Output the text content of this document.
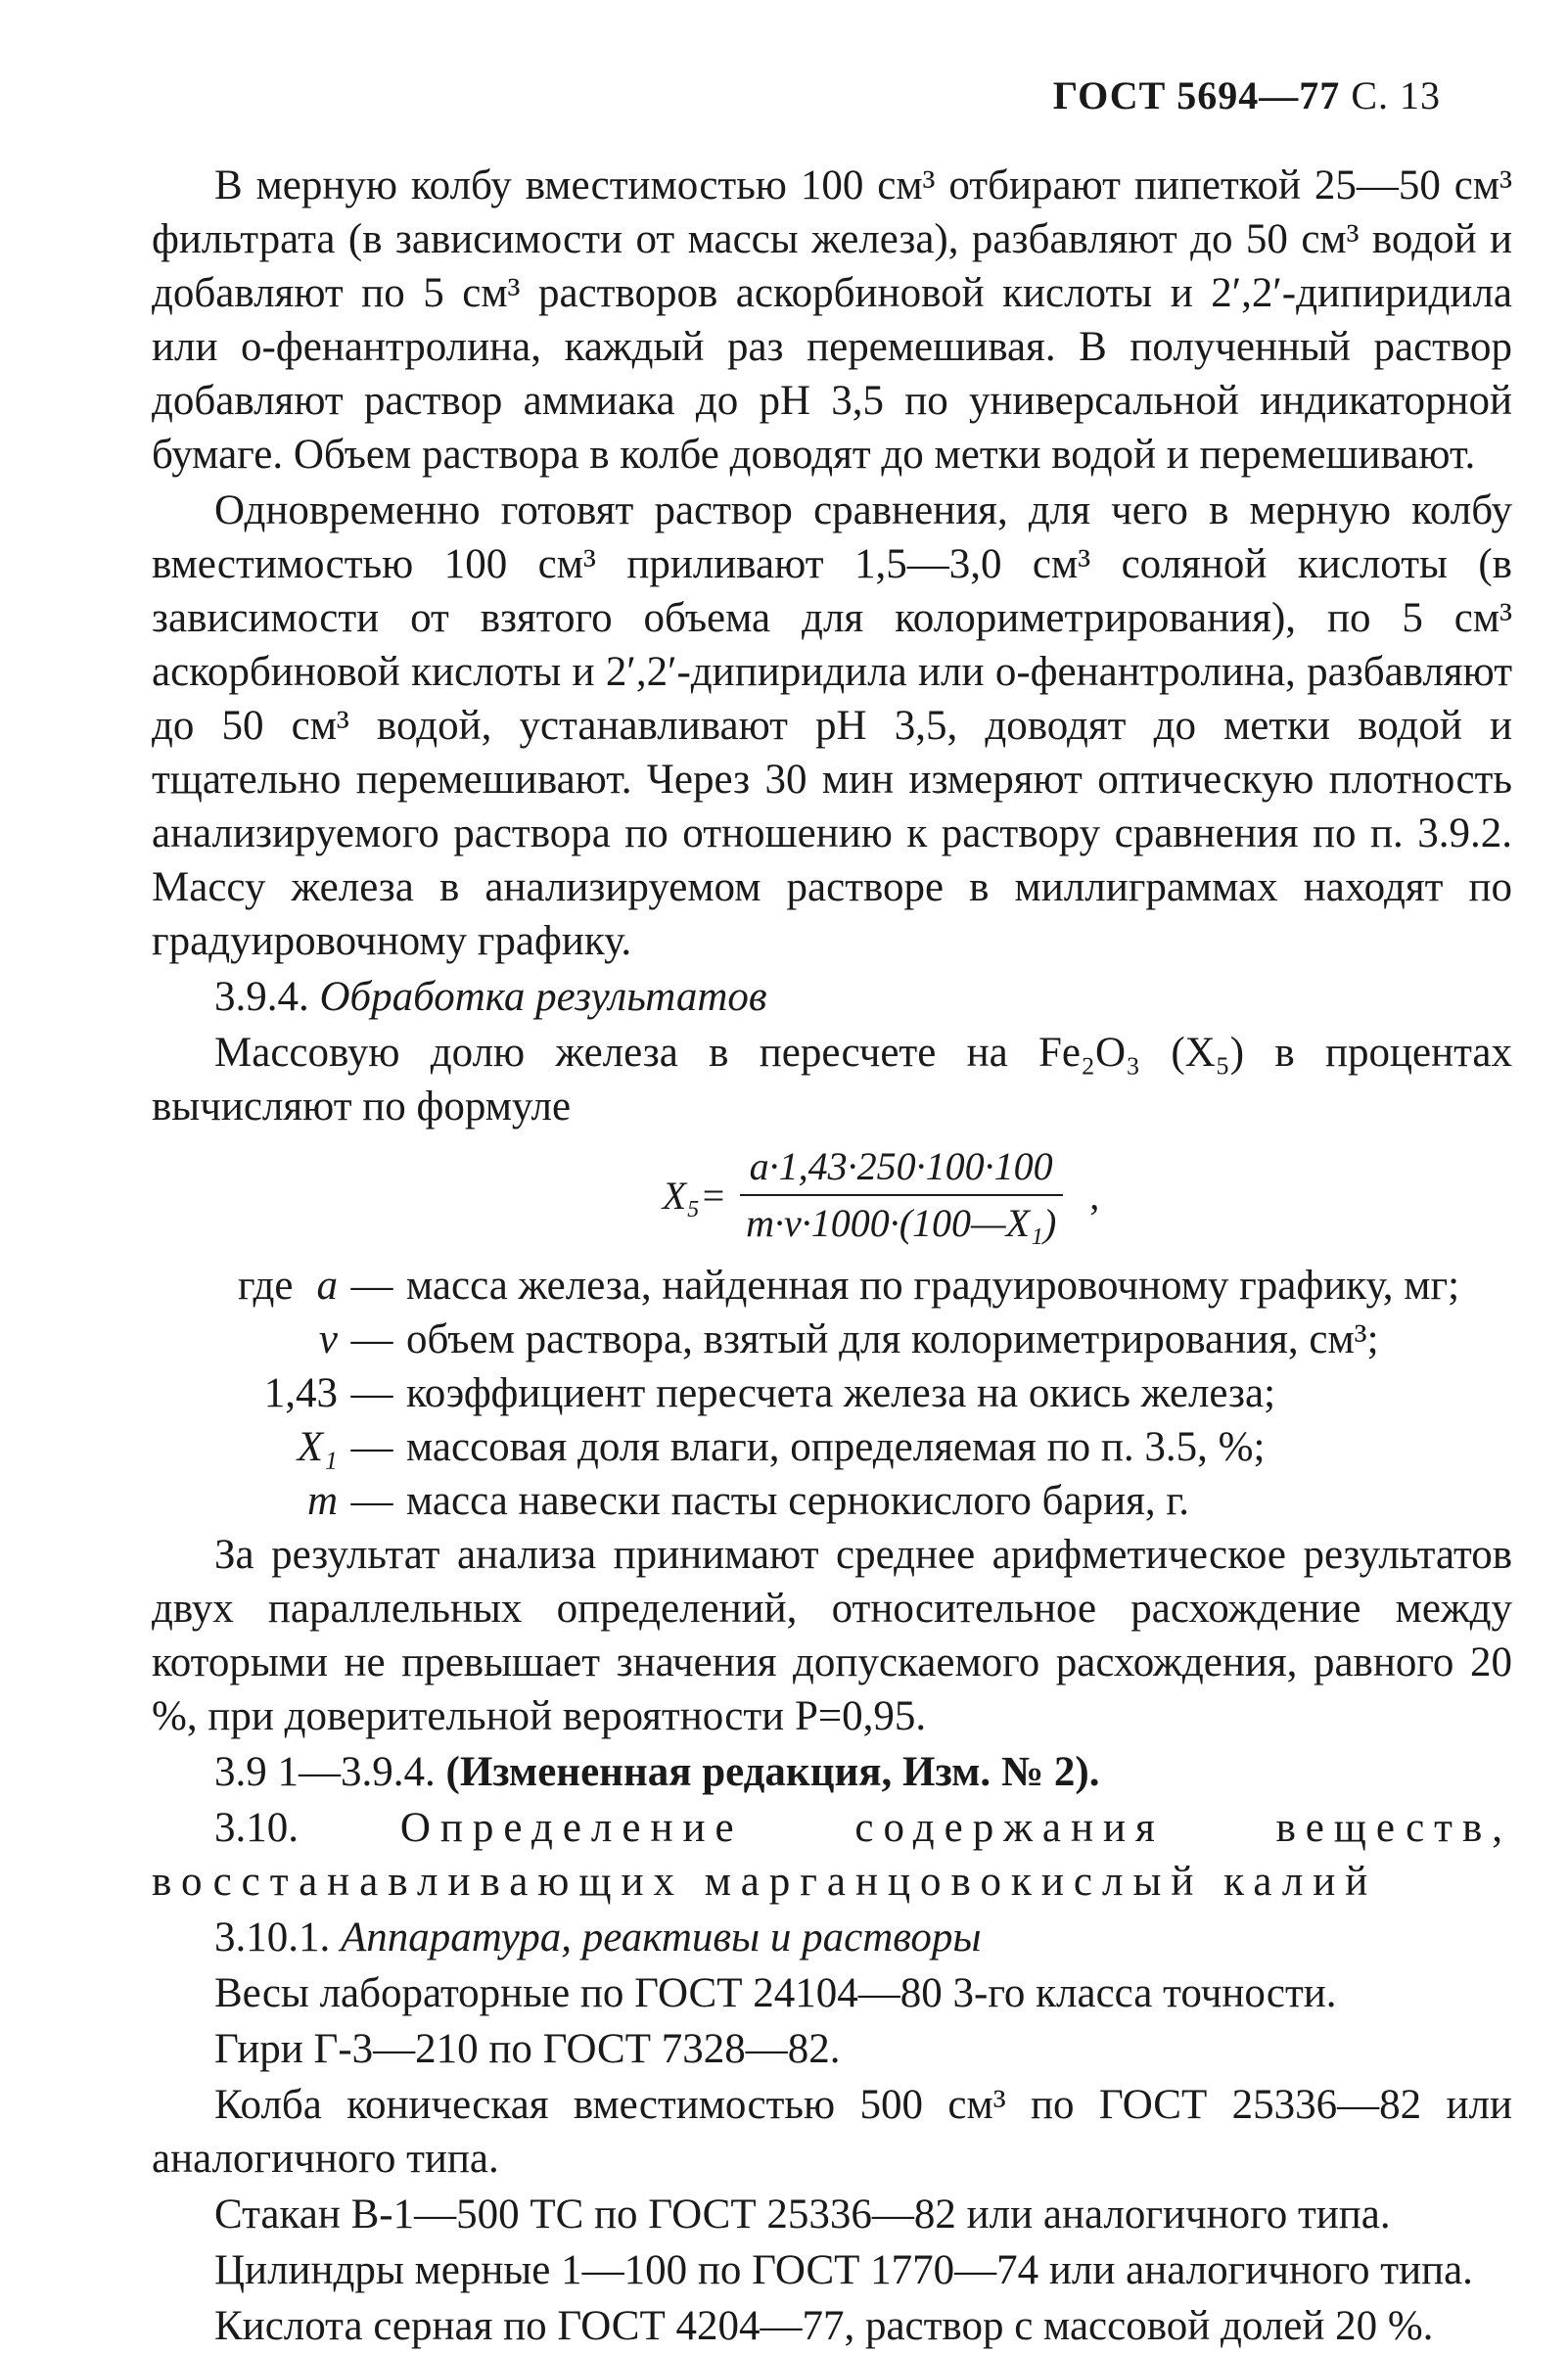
ГОСТ 5694—77 С. 13

В мерную колбу вместимостью 100 см³ отбирают пипеткой 25—50 см³ фильтрата (в зависимости от массы железа), разбавляют до 50 см³ водой и добавляют по 5 см³ растворов аскорбиновой кислоты и 2′,2′-дипиридила или о-фенантролина, каждый раз перемешивая. В полученный раствор добавляют раствор аммиака до рН 3,5 по универсальной индикаторной бумаге. Объем раствора в колбе доводят до метки водой и перемешивают.

Одновременно готовят раствор сравнения, для чего в мерную колбу вместимостью 100 см³ приливают 1,5—3,0 см³ соляной кислоты (в зависимости от взятого объема для колориметрирования), по 5 см³ аскорбиновой кислоты и 2′,2′-дипиридила или о-фенантролина, разбавляют до 50 см³ водой, устанавливают рН 3,5, доводят до метки водой и тщательно перемешивают. Через 30 мин измеряют оптическую плотность анализируемого раствора по отношению к раствору сравнения по п. 3.9.2. Массу железа в анализируемом растворе в миллиграммах находят по градуировочному графику.

3.9.4. Обработка результатов

Массовую долю железа в пересчете на Fe₂O₃ (X₅) в процентах вычисляют по формуле

$X_5= \frac{a\cdot 1,43\cdot 250\cdot 100\cdot 100}{\text{m·v·1000·(100—X₁)}}$ ,
где a	—	масса железа, найденная по градуировочному графику, мг;
v	—	объем раствора, взятый для колориметрирования, см³;
1,43	—	коэффициент пересчета железа на окись железа;
X₁	—	массовая доля влаги, определяемая по п. 3.5, %;
m	—	масса навески пасты сернокислого бария, г.

За результат анализа принимают среднее арифметическое результатов двух параллельных определений, относительное расхождение между которыми не превышает значения допускаемого расхождения, равного 20 %, при доверительной вероятности P=0,95.

3.9 1—3.9.4. (Измененная редакция, Изм. № 2).

3.10. Определение содержания веществ, восстанавливающих марганцовокислый калий

3.10.1. Аппаратура, реактивы и растворы

Весы лабораторные по ГОСТ 24104—80 3-го класса точности.

Гири Г-3—210 по ГОСТ 7328—82.

Колба коническая вместимостью 500 см³ по ГОСТ 25336—82 или аналогичного типа.

Стакан В-1—500 ТС по ГОСТ 25336—82 или аналогичного типа.

Цилиндры мерные 1—100 по ГОСТ 1770—74 или аналогичного типа.

Кислота серная по ГОСТ 4204—77, раствор с массовой долей 20 %.
